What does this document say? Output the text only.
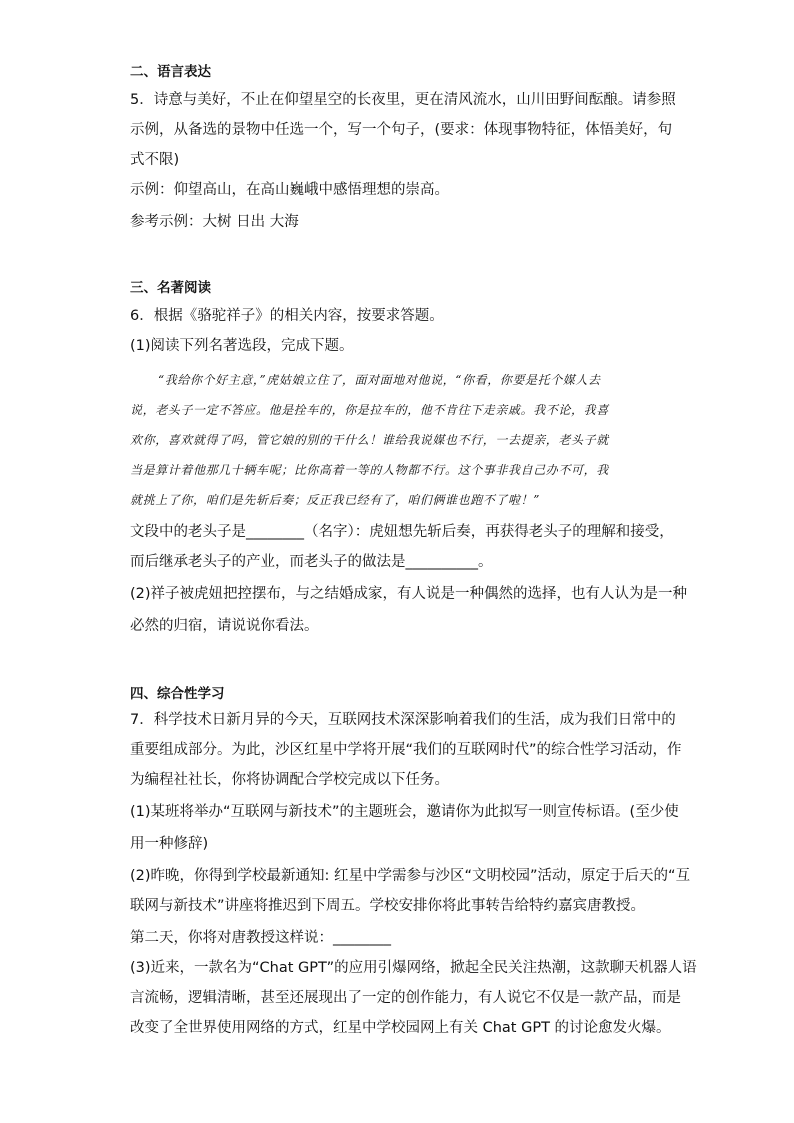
二、语言表达
5．诗意与美好，不止在仰望星空的长夜里，更在清风流水，山川田野间酝酿。请参照
示例，从备选的景物中任选一个，写一个句子，(要求：体现事物特征，体悟美好，句
式不限)
示例：仰望高山，在高山巍峨中感悟理想的崇高。
参考示例：大树 日出 大海
三、名著阅读
6．根据《骆驼祥子》的相关内容，按要求答题。
(1)阅读下列名著选段，完成下题。
“我给你个好主意，”虎姑娘立住了，面对面地对他说，“你看，你要是托个媒人去
说，老头子一定不答应。他是拴车的，你是拉车的，他不肯往下走亲戚。我不论，我喜
欢你，喜欢就得了吗，管它娘的别的干什么！谁给我说媒也不行，一去提亲，老头子就
当是算计着他那几十辆车呢；比你高着一等的人物都不行。这个事非我自己办不可，我
就挑上了你，咱们是先斩后奏；反正我已经有了，咱们俩谁也跑不了啦！”
文段中的老头子是________（名字）：虎妞想先斩后奏，再获得老头子的理解和接受，
而后继承老头子的产业，而老头子的做法是__________。
(2)祥子被虎妞把控摆布，与之结婚成家，有人说是一种偶然的选择，也有人认为是一种
必然的归宿，请说说你看法。
四、综合性学习
7．科学技术日新月异的今天，互联网技术深深影响着我们的生活，成为我们日常中的
重要组成部分。为此，沙区红星中学将开展“我们的互联网时代”的综合性学习活动，作
为编程社社长，你将协调配合学校完成以下任务。
(1)某班将举办“互联网与新技术”的主题班会，邀请你为此拟写一则宣传标语。(至少使
用一种修辞)
(2)昨晚，你得到学校最新通知: 红星中学需参与沙区“文明校园”活动，原定于后天的“互
联网与新技术”讲座将推迟到下周五。学校安排你将此事转告给特约嘉宾唐教授。
第二天，你将对唐教授这样说：________
(3)近来，一款名为“Chat GPT”的应用引爆网络，掀起全民关注热潮，这款聊天机器人语
言流畅，逻辑清晰，甚至还展现出了一定的创作能力，有人说它不仅是一款产品，而是
改变了全世界使用网络的方式，红星中学校园网上有关 Chat GPT 的讨论愈发火爆。
